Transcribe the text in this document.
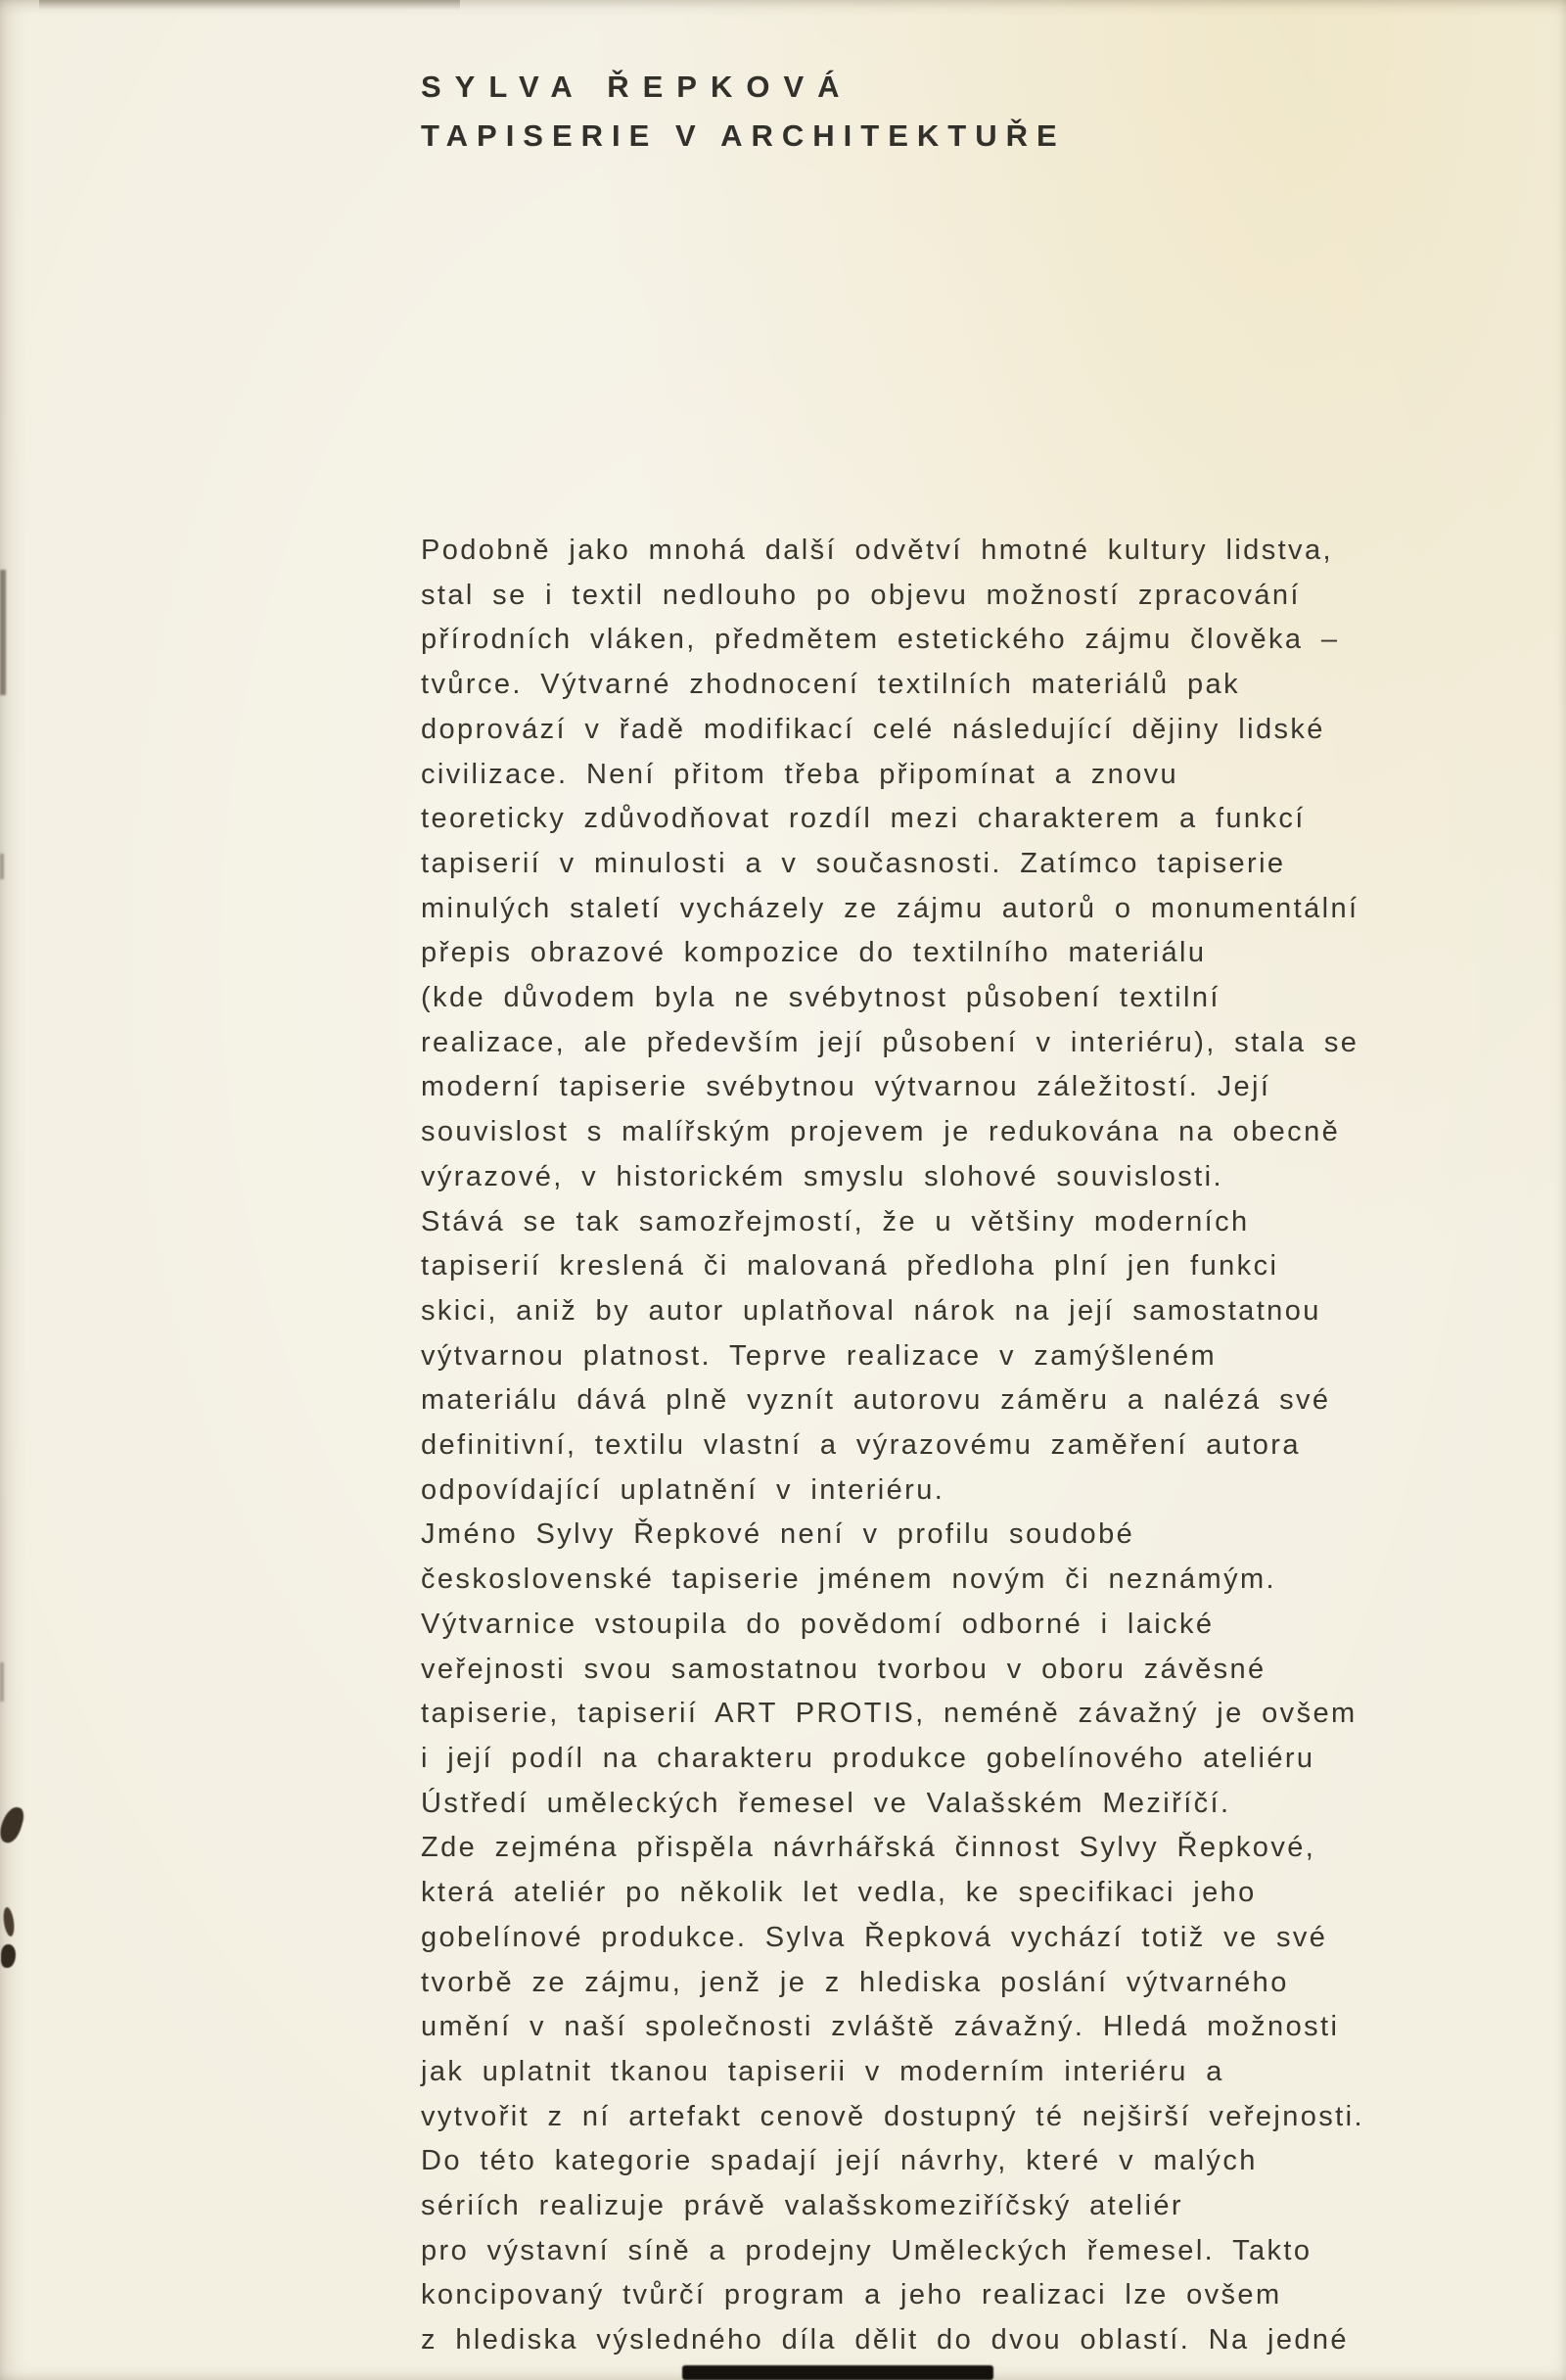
SYLVA ŘEPKOVÁ
TAPISERIE V ARCHITEKTUŘE
Podobně jako mnohá další odvětví hmotné kultury lidstva,
stal se i textil nedlouho po objevu možností zpracování
přírodních vláken, předmětem estetického zájmu člověka –
tvůrce. Výtvarné zhodnocení textilních materiálů pak
doprovází v řadě modifikací celé následující dějiny lidské
civilizace. Není přitom třeba připomínat a znovu
teoreticky zdůvodňovat rozdíl mezi charakterem a funkcí
tapiserií v minulosti a v současnosti. Zatímco tapiserie
minulých staletí vycházely ze zájmu autorů o monumentální
přepis obrazové kompozice do textilního materiálu
(kde důvodem byla ne svébytnost působení textilní
realizace, ale především její působení v interiéru), stala se
moderní tapiserie svébytnou výtvarnou záležitostí. Její
souvislost s malířským projevem je redukována na obecně
výrazové, v historickém smyslu slohové souvislosti.
Stává se tak samozřejmostí, že u většiny moderních
tapiserií kreslená či malovaná předloha plní jen funkci
skici, aniž by autor uplatňoval nárok na její samostatnou
výtvarnou platnost. Teprve realizace v zamýšleném
materiálu dává plně vyznít autorovu záměru a nalézá své
definitivní, textilu vlastní a výrazovému zaměření autora
odpovídající uplatnění v interiéru.
Jméno Sylvy Řepkové není v profilu soudobé
československé tapiserie jménem novým či neznámým.
Výtvarnice vstoupila do povědomí odborné i laické
veřejnosti svou samostatnou tvorbou v oboru závěsné
tapiserie, tapiserií ART PROTIS, neméně závažný je ovšem
i její podíl na charakteru produkce gobelínového ateliéru
Ústředí uměleckých řemesel ve Valašském Meziříčí.
Zde zejména přispěla návrhářská činnost Sylvy Řepkové,
která ateliér po několik let vedla, ke specifikaci jeho
gobelínové produkce. Sylva Řepková vychází totiž ve své
tvorbě ze zájmu, jenž je z hlediska poslání výtvarného
umění v naší společnosti zvláště závažný. Hledá možnosti
jak uplatnit tkanou tapiserii v moderním interiéru a
vytvořit z ní artefakt cenově dostupný té nejširší veřejnosti.
Do této kategorie spadají její návrhy, které v malých
sériích realizuje právě valašskomeziříčský ateliér
pro výstavní síně a prodejny Uměleckých řemesel. Takto
koncipovaný tvůrčí program a jeho realizaci lze ovšem
z hlediska výsledného díla dělit do dvou oblastí. Na jedné
